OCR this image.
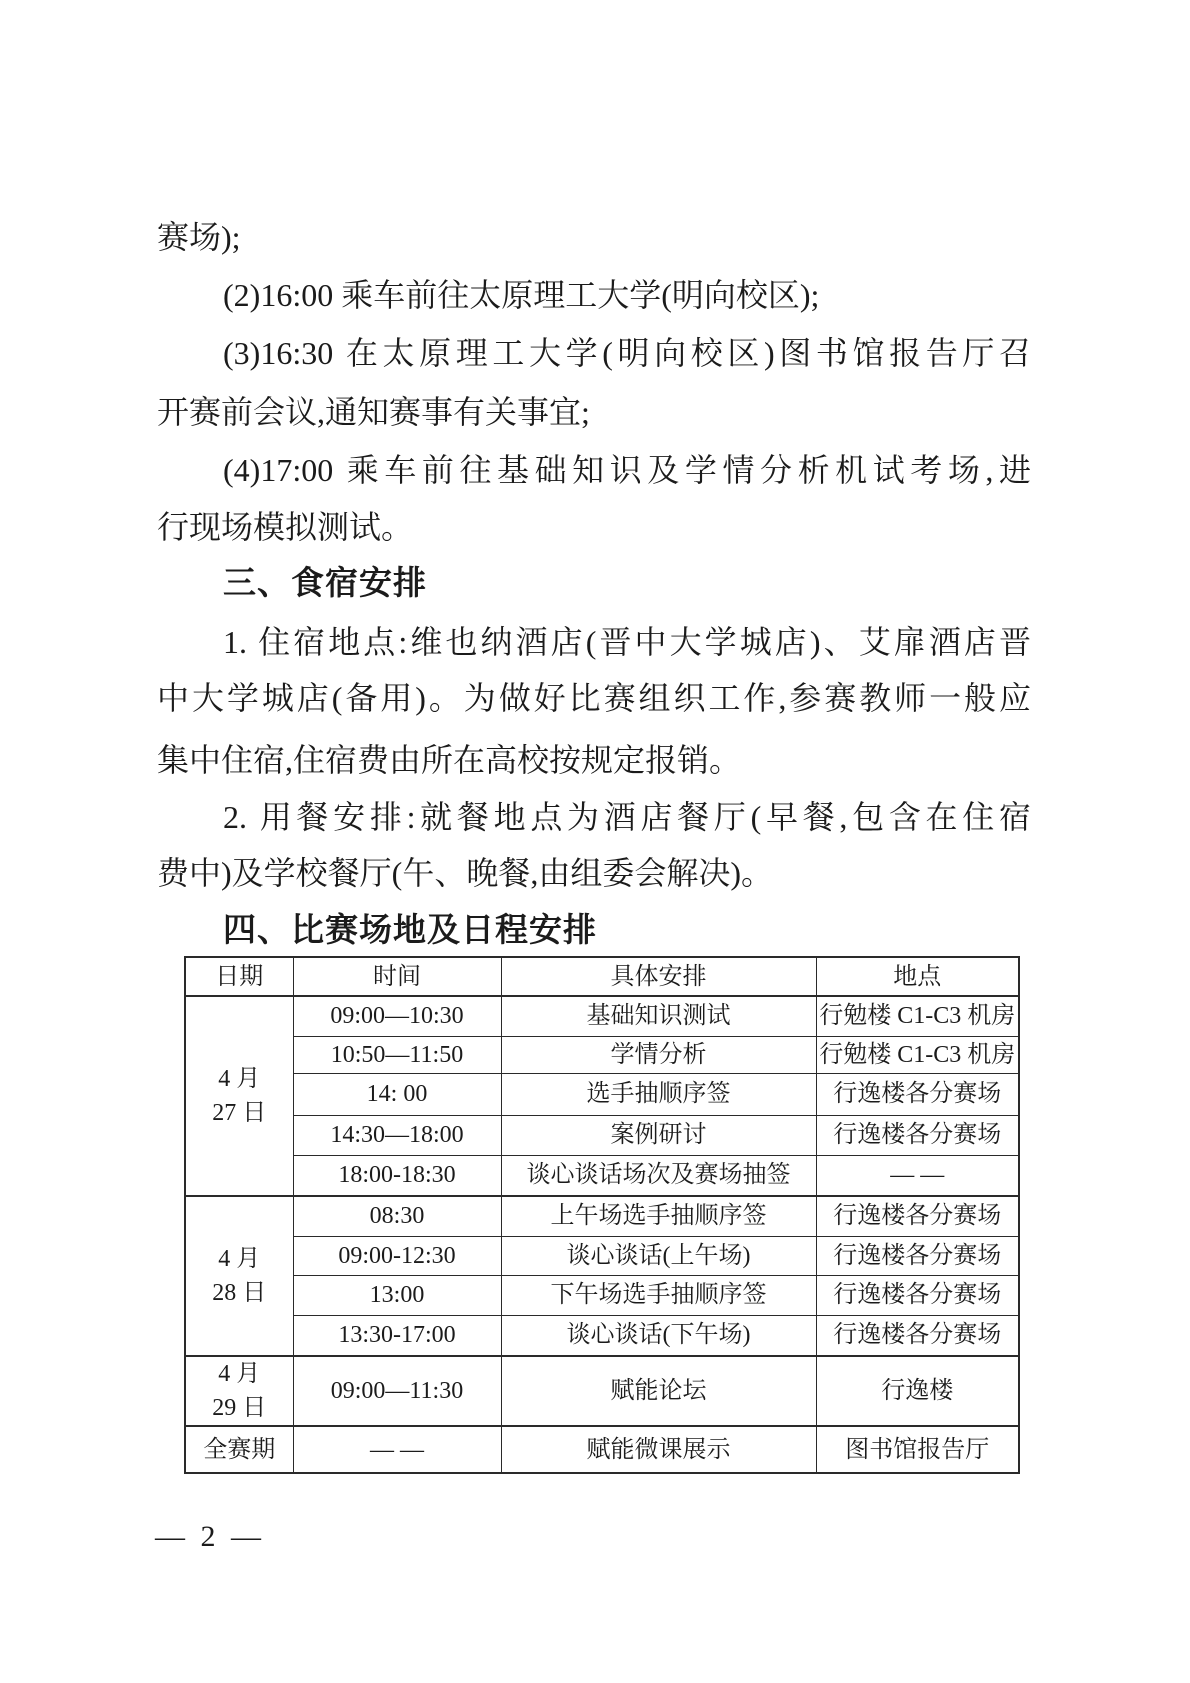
赛场);
(2)16:00 乘车前往太原理工大学(明向校区);
(3)16:30 在太原理工大学(明向校区)图书馆报告厅召
开赛前会议,通知赛事有关事宜;
(4)17:00 乘车前往基础知识及学情分析机试考场,进
行现场模拟测试。
三、食宿安排
1. 住宿地点:维也纳酒店(晋中大学城店)、艾扉酒店晋
中大学城店(备用)。为做好比赛组织工作,参赛教师一般应
集中住宿,住宿费由所在高校按规定报销。
2. 用餐安排:就餐地点为酒店餐厅(早餐,包含在住宿
费中)及学校餐厅(午、晚餐,由组委会解决)。
四、比赛场地及日程安排
日期	时间	具体安排	地点

4 月
27 日	09:00—10:30	基础知识测试	行勉楼 C1-C3 机房
	10:50—11:50	学情分析	行勉楼 C1-C3 机房
	14: 00	选手抽顺序签	行逸楼各分赛场
	14:30—18:00	案例研讨	行逸楼各分赛场
	18:00-18:30	谈心谈话场次及赛场抽签	— —

4 月
28 日	08:30	上午场选手抽顺序签	行逸楼各分赛场
	09:00-12:30	谈心谈话(上午场)	行逸楼各分赛场
	13:00	下午场选手抽顺序签	行逸楼各分赛场
	13:30-17:00	谈心谈话(下午场)	行逸楼各分赛场

4 月
29 日	09:00—11:30	赋能论坛	行逸楼

全赛期	— —	赋能微课展示	图书馆报告厅
— 2 —
